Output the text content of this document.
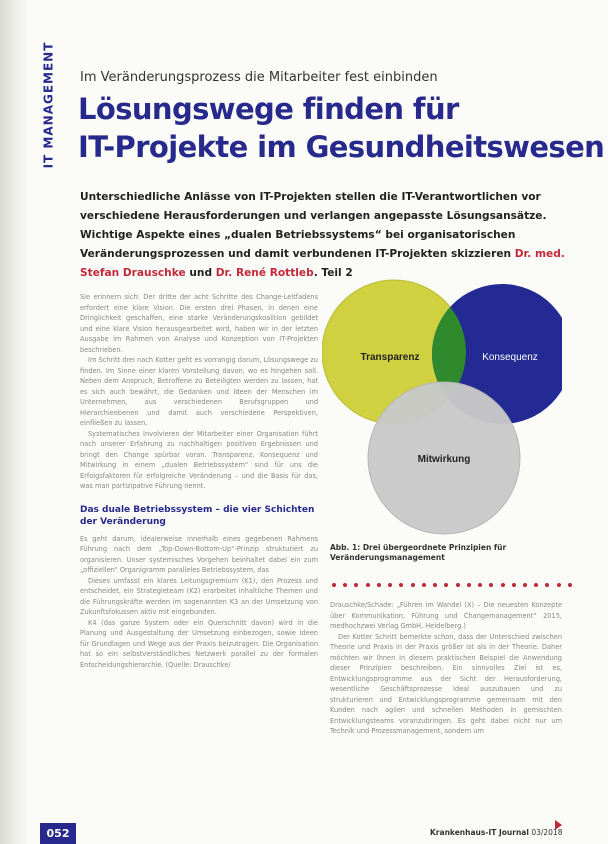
IT MANAGEMENT Im Veränderungsprozess die Mitarbeiter fest einbinden
Lösungswege finden für
IT-Projekte im Gesundheitswesen
Unterschiedliche Anlässe von IT-Projekten stellen die IT-Verantwortlichen vor verschiedene Herausforderungen und verlangen angepasste Lösungsansätze. Wichtige Aspekte eines „dualen Betriebssystems“ bei organisatorischen Veränderungsprozessen und damit verbundenen IT-Projekten skizzieren Dr. med. Stefan Drauschke und Dr. René Rottleb. Teil 2

Sie erinnern sich: Der dritte der acht Schritte des Change-Leitfadens erfordert eine klare Vision. Die ersten drei Phasen, in denen eine Dringlichkeit geschaffen, eine starke Veränderungskoalition gebildet und eine klare Vision herausgearbeitet wird, haben wir in der letzten Ausgabe im Rahmen von Analyse und Konzeption von IT-Projekten beschrieben.

Im Schritt drei nach Kotter geht es vorrangig darum, Lösungswege zu finden. Im Sinne einer klaren Vorstellung davon, wo es hingehen soll. Neben dem Anspruch, Betroffene zu Beteiligten werden zu lassen, hat es sich auch bewährt, die Gedanken und Ideen der Menschen im Unternehmen, aus verschiedenen Berufsgruppen und Hierarchieebenen und damit auch verschiedene Perspektiven, einfließen zu lassen.

Systematisches Involvieren der Mitarbeiter einer Organisation führt nach unserer Erfahrung zu nachhaltigen positiven Ergebnissen und bringt den Change spürbar voran. Transparenz, Konsequenz und Mitwirkung in einem „dualen Betriebssystem“ sind für uns die Erfolgsfaktoren für erfolgreiche Veränderung – und die Basis für das, was man partizipative Führung nennt.

Das duale Betriebssystem – die vier Schichten der Veränderung

Es geht darum, idealerweise innerhalb eines gegebenen Rahmens Führung nach dem „Top-Down-Bottom-Up“-Prinzip strukturiert zu organisieren. Unser systemisches Vorgehen beinhaltet dabei ein zum „offiziellen“ Organigramm paralleles Betriebssystem, das

Dieses umfasst ein klares Leitungsgremium (K1), den Prozess und entscheidet, ein Strategieteam (K2) erarbeitet inhaltliche Themen und die Führungskräfte werden im sogenannten K3 an der Umsetzung von Zukunftsfokussen aktiv mit eingebunden.

K4 (das ganze System oder ein Querschnitt davon) wird in die Planung und Ausgestaltung der Umsetzung einbezogen, sowie Ideen für Grundlagen und Wege aus der Praxis beizutragen. Die Organisation hat so ein selbstverständliches Netzwerk parallel zu der formalen Entscheidungshierarchie. (Quelle: Drauschke/

Transparenz	Konsequenz
Mitwirkung
Abb. 1: Drei übergeordnete Prinzipien für Veränderungsmanagement

Drauschke/Schade: „Führen im Wandel (X) – Die neuesten Konzepte über Kommunikation, Führung und Changemanagement“ 2015, medhochzwei Verlag GmbH, Heidelberg.)

Der Kotter Schritt bemerkte schon, dass der Unterschied zwischen Theorie und Praxis in der Praxis größer ist als in der Theorie. Daher möchten wir Ihnen in diesem praktischen Beispiel die Anwendung dieser Prinzipien beschreiben. Ein sinnvolles Ziel ist es, Entwicklungsprogramme aus der Sicht der Herausforderung, wesentliche Geschäftsprozesse ideal auszubauen und zu strukturieren und Entwicklungsprogramme gemeinsam mit den Kunden nach agilen und schnellen Methoden in gemischten Entwicklungsteams voranzubringen. Es geht dabei nicht nur um Technik und Prozessmanagement, sondern um

052	Krankenhaus-IT Journal 03/2018
